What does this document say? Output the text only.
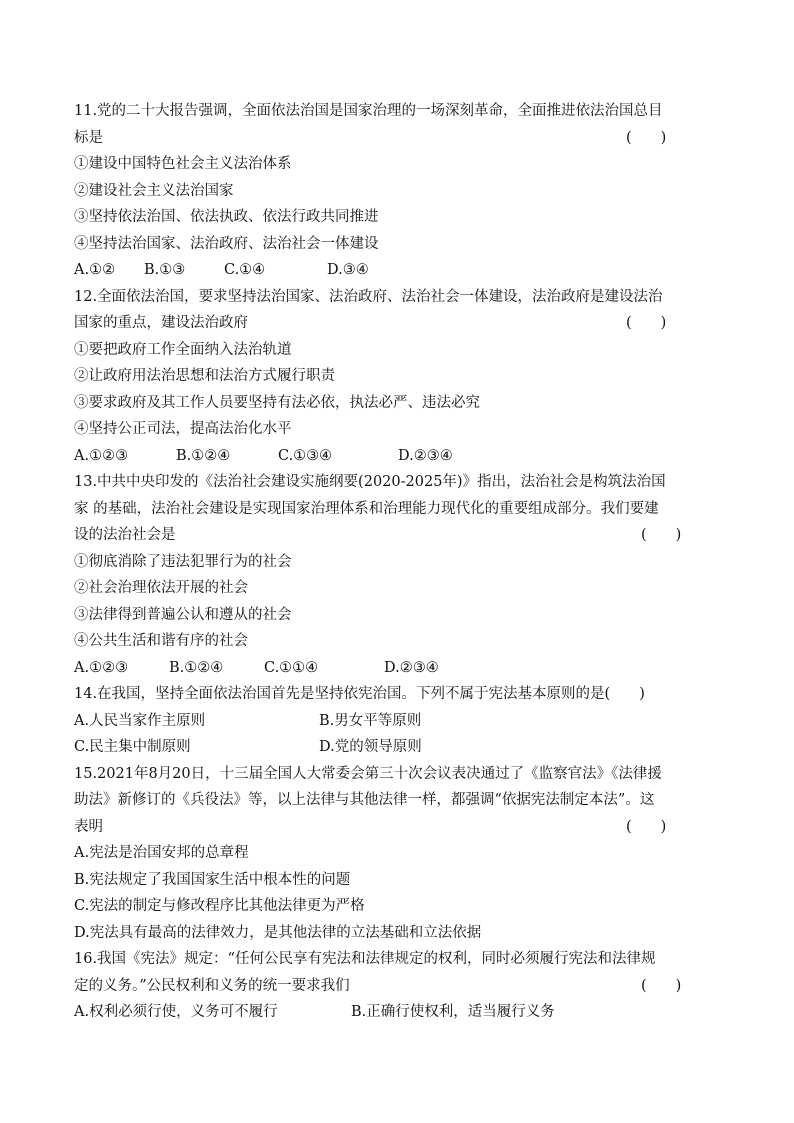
11.党的二十大报告强调，全面依法治国是国家治理的一场深刻革命，全面推进依法治国总目
标是	(　　)
①建设中国特色社会主义法治体系
②建设社会主义法治国家
③坚持依法治国、依法执政、依法行政共同推进
④坚持法治国家、法治政府、法治社会一体建设
A.①②	B.①③	C.①④	D.③④
12.全面依法治国，要求坚持法治国家、法治政府、法治社会一体建设，法治政府是建设法治
国家的重点，建设法治政府	(　　)
①要把政府工作全面纳入法治轨道
②让政府用法治思想和法治方式履行职责
③要求政府及其工作人员要坚持有法必依，执法必严、违法必究
④坚持公正司法，提高法治化水平
A.①②③	B.①②④	C.①③④	D.②③④
13.中共中央印发的《法治社会建设实施纲要(2020-2025年)》指出，法治社会是构筑法治国
家 的基础，法治社会建设是实现国家治理体系和治理能力现代化的重要组成部分。我们要建
设的法治社会是	(　　)
①彻底消除了违法犯罪行为的社会
②社会治理依法开展的社会
③法律得到普遍公认和遵从的社会
④公共生活和谐有序的社会
A.①②③	B.①②④	C.①①④	D.②③④
14.在我国，坚持全面依法治国首先是坚持依宪治国。下列不属于宪法基本原则的是(　　)
A.人民当家作主原则	B.男女平等原则
C.民主集中制原则	D.党的领导原则
15.2021年8月20日，十三届全国人大常委会第三十次会议表决通过了《监察官法》《法律援
助法》新修订的《兵役法》等，以上法律与其他法律一样，都强调“依据宪法制定本法”。这
表明	(　　)
A.宪法是治国安邦的总章程
B.宪法规定了我国国家生活中根本性的问题
C.宪法的制定与修改程序比其他法律更为严格
D.宪法具有最高的法律效力，是其他法律的立法基础和立法依据
16.我国《宪法》规定：“任何公民享有宪法和法律规定的权利，同时必须履行宪法和法律规
定的义务。”公民权利和义务的统一要求我们	(　　)
A.权利必须行使，义务可不履行	B.正确行使权利，适当履行义务
